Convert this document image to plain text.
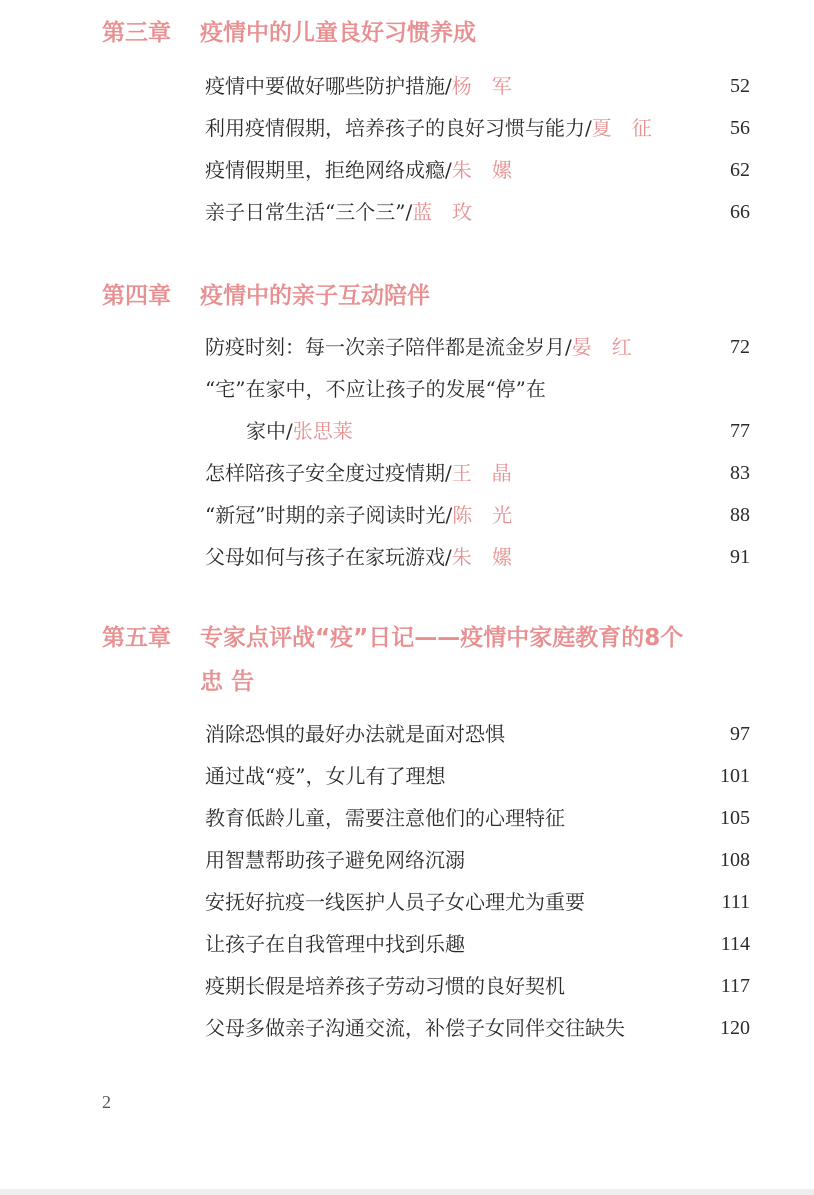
第三章 疫情中的儿童良好习惯养成
疫情中要做好哪些防护措施/杨　军	52
利用疫情假期，培养孩子的良好习惯与能力/夏　征	56
疫情假期里，拒绝网络成瘾/朱　嫘	62
亲子日常生活“三个三”/蓝　玫	66
第四章 疫情中的亲子互动陪伴
防疫时刻：每一次亲子陪伴都是流金岁月/晏　红	72
“宅”在家中，不应让孩子的发展“停”在
家中/张思莱	77
怎样陪孩子安全度过疫情期/王　晶	83
“新冠”时期的亲子阅读时光/陈　光	88
父母如何与孩子在家玩游戏/朱　嫘	91
第五章 专家点评战“疫”日记——疫情中家庭教育的8个
忠 告
消除恐惧的最好办法就是面对恐惧	97
通过战“疫”，女儿有了理想	101
教育低龄儿童，需要注意他们的心理特征	105
用智慧帮助孩子避免网络沉溺	108
安抚好抗疫一线医护人员子女心理尤为重要	111
让孩子在自我管理中找到乐趣	114
疫期长假是培养孩子劳动习惯的良好契机	117
父母多做亲子沟通交流，补偿子女同伴交往缺失	120
2
